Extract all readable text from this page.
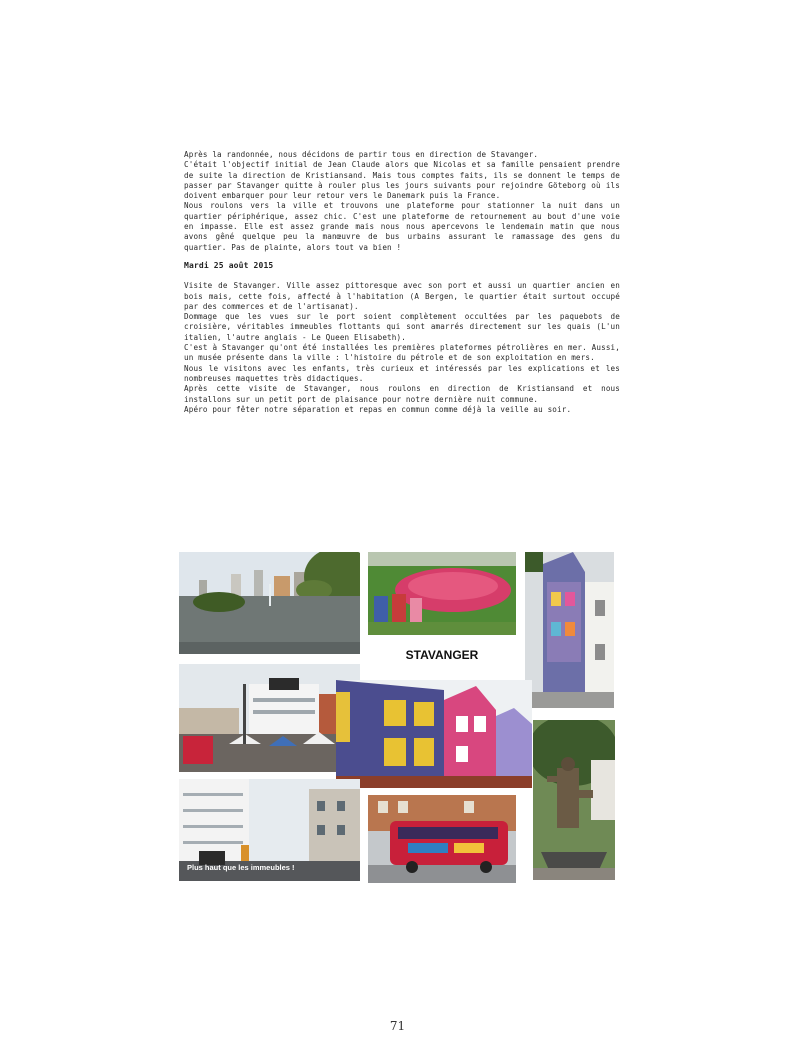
Après la randonnée, nous décidons de partir tous en direction de Stavanger.

C'était l'objectif initial de Jean Claude alors que Nicolas et sa famille pensaient prendre de suite la direction de Kristiansand. Mais tous comptes faits, ils se donnent le temps de passer par Stavanger quitte à rouler plus les jours suivants pour rejoindre Göteborg où ils doivent embarquer pour leur retour vers le Danemark puis la France.

Nous roulons vers la ville et trouvons une plateforme pour stationner la nuit dans un quartier périphérique, assez chic. C'est une plateforme de retournement au bout d'une voie en impasse. Elle est assez grande mais nous nous apercevons le lendemain matin que nous avons gêné quelque peu la manœuvre de bus urbains assurant le ramassage des gens du quartier. Pas de plainte, alors tout va bien !

Mardi 25 août 2015

Visite de Stavanger. Ville assez pittoresque avec son port et aussi un quartier ancien en bois mais, cette fois, affecté à l'habitation (A Bergen, le quartier était surtout occupé par des commerces et de l'artisanat).

Dommage que les vues sur le port soient complètement occultées par les paquebots de croisière, véritables immeubles flottants qui sont amarrés directement sur les quais (L'un italien, l'autre anglais - Le Queen Elisabeth).

C'est à Stavanger qu'ont été installées les premières plateformes pétrolières en mer. Aussi, un musée présente dans la ville : l'histoire du pétrole et de son exploitation en mers.

Nous le visitons avec les enfants, très curieux et intéressés par les explications et les nombreuses maquettes très didactiques.

Après cette visite de Stavanger, nous roulons en direction de Kristiansand et nous installons sur un petit port de plaisance pour notre dernière nuit commune.

Apéro pour fêter notre séparation et repas en commun comme déjà la veille au soir.

STAVANGER
Plus haut que les immeubles !
71
